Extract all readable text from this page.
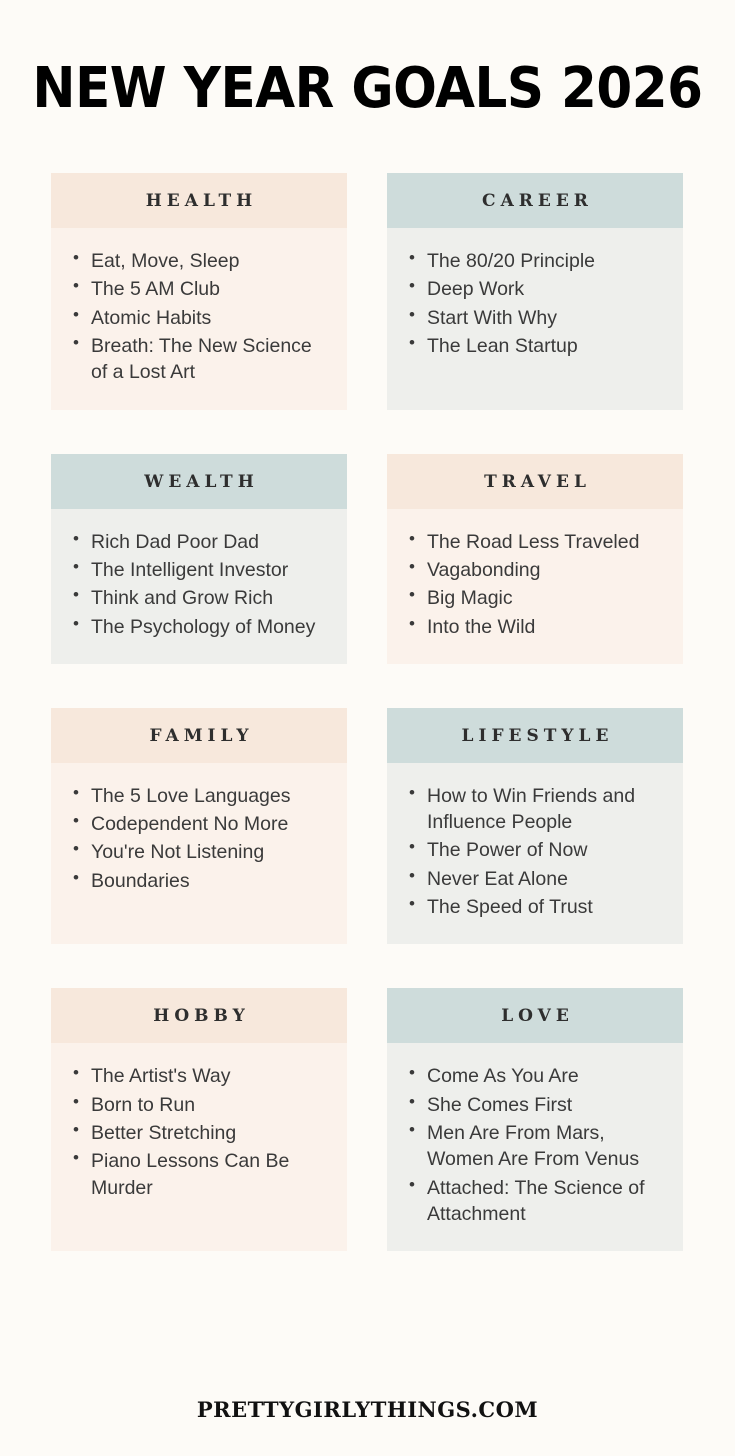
NEW YEAR GOALS 2026
HEALTH
• Eat, Move, Sleep
• The 5 AM Club
• Atomic Habits
• Breath: The New Science of a Lost Art
CAREER
• The 80/20 Principle
• Deep Work
• Start With Why
• The Lean Startup
WEALTH
• Rich Dad Poor Dad
• The Intelligent Investor
• Think and Grow Rich
• The Psychology of Money
TRAVEL
• The Road Less Traveled
• Vagabonding
• Big Magic
• Into the Wild
FAMILY
• The 5 Love Languages
• Codependent No More
• You're Not Listening
• Boundaries
LIFESTYLE
• How to Win Friends and Influence People
• The Power of Now
• Never Eat Alone
• The Speed of Trust
HOBBY
• The Artist's Way
• Born to Run
• Better Stretching
• Piano Lessons Can Be Murder
LOVE
• Come As You Are
• She Comes First
• Men Are From Mars, Women Are From Venus
• Attached: The Science of Attachment
PRETTYGIRLYTHINGS.COM
